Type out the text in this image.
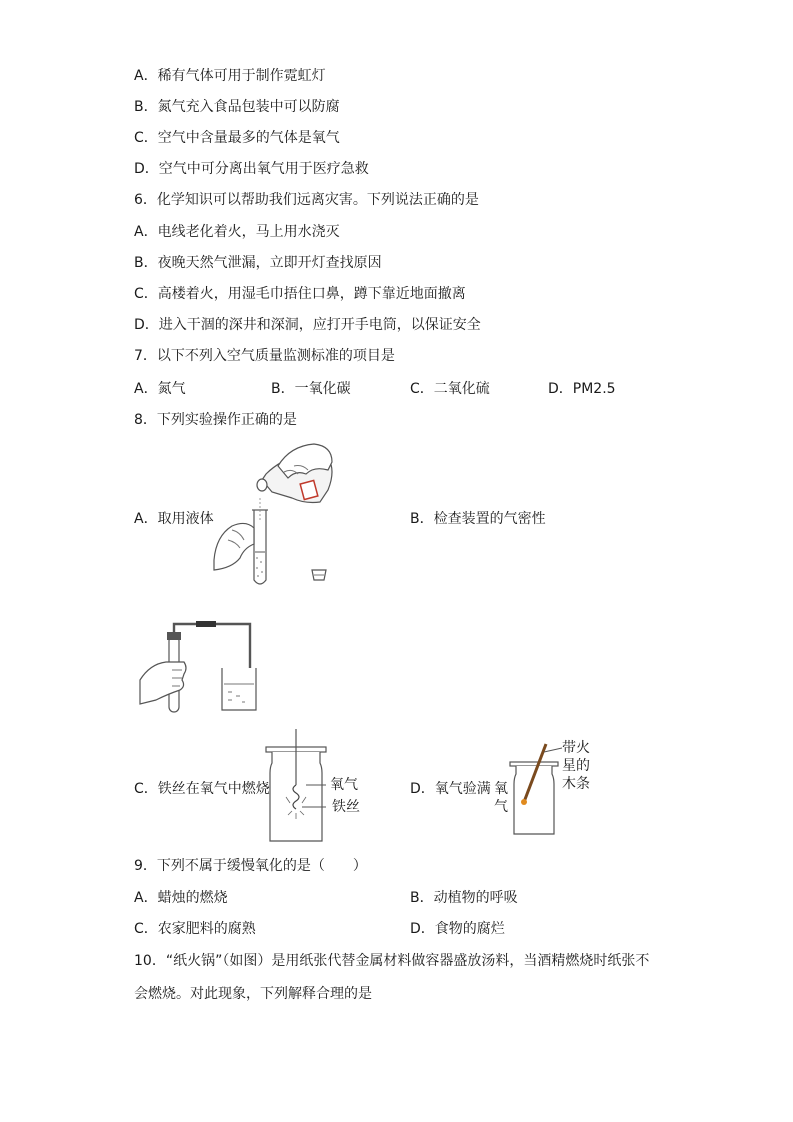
A．稀有气体可用于制作霓虹灯
B．氮气充入食品包装中可以防腐
C．空气中含量最多的气体是氧气
D．空气中可分离出氧气用于医疗急救
6．化学知识可以帮助我们远离灾害。下列说法正确的是
A．电线老化着火，马上用水浇灭
B．夜晚天然气泄漏，立即开灯查找原因
C．高楼着火，用湿毛巾捂住口鼻，蹲下靠近地面撤离
D．进入干涸的深井和深洞，应打开手电筒，以保证安全
7．以下不列入空气质量监测标准的项目是
A．氮气	B．一氧化碳	C．二氧化硫	D．PM2.5
8．下列实验操作正确的是
A．取用液体	B．检查装置的气密性
C．铁丝在氧气中燃烧	氧气
铁丝
D．氧气验满 氧
气
带火
星的
木条
9．下列不属于缓慢氧化的是（　　）
A．蜡烛的燃烧	B．动植物的呼吸
C．农家肥料的腐熟	D．食物的腐烂
10．“纸火锅”（如图）是用纸张代替金属材料做容器盛放汤料，当酒精燃烧时纸张不
会燃烧。对此现象，下列解释合理的是
